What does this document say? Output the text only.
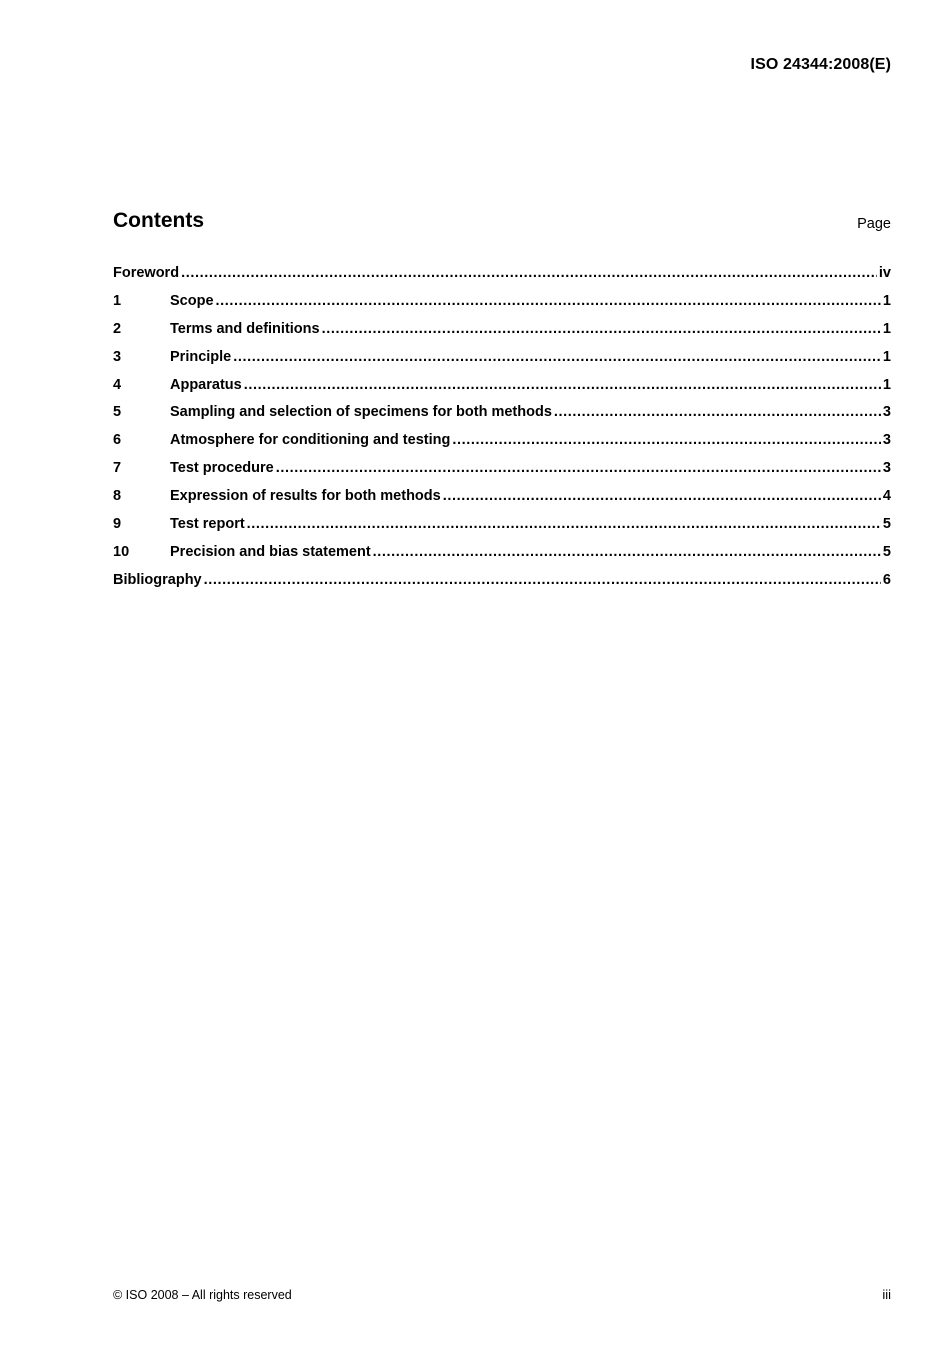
ISO 24344:2008(E)
Contents	Page
Foreword .....	iv
1	Scope .....	1
2	Terms and definitions .....	1
3	Principle .....	1
4	Apparatus .....	1
5	Sampling and selection of specimens for both methods .....	3
6	Atmosphere for conditioning and testing .....	3
7	Test procedure .....	3
8	Expression of results for both methods .....	4
9	Test report .....	5
10	Precision and bias statement .....	5
Bibliography .....	6
© ISO 2008 – All rights reserved	iii
